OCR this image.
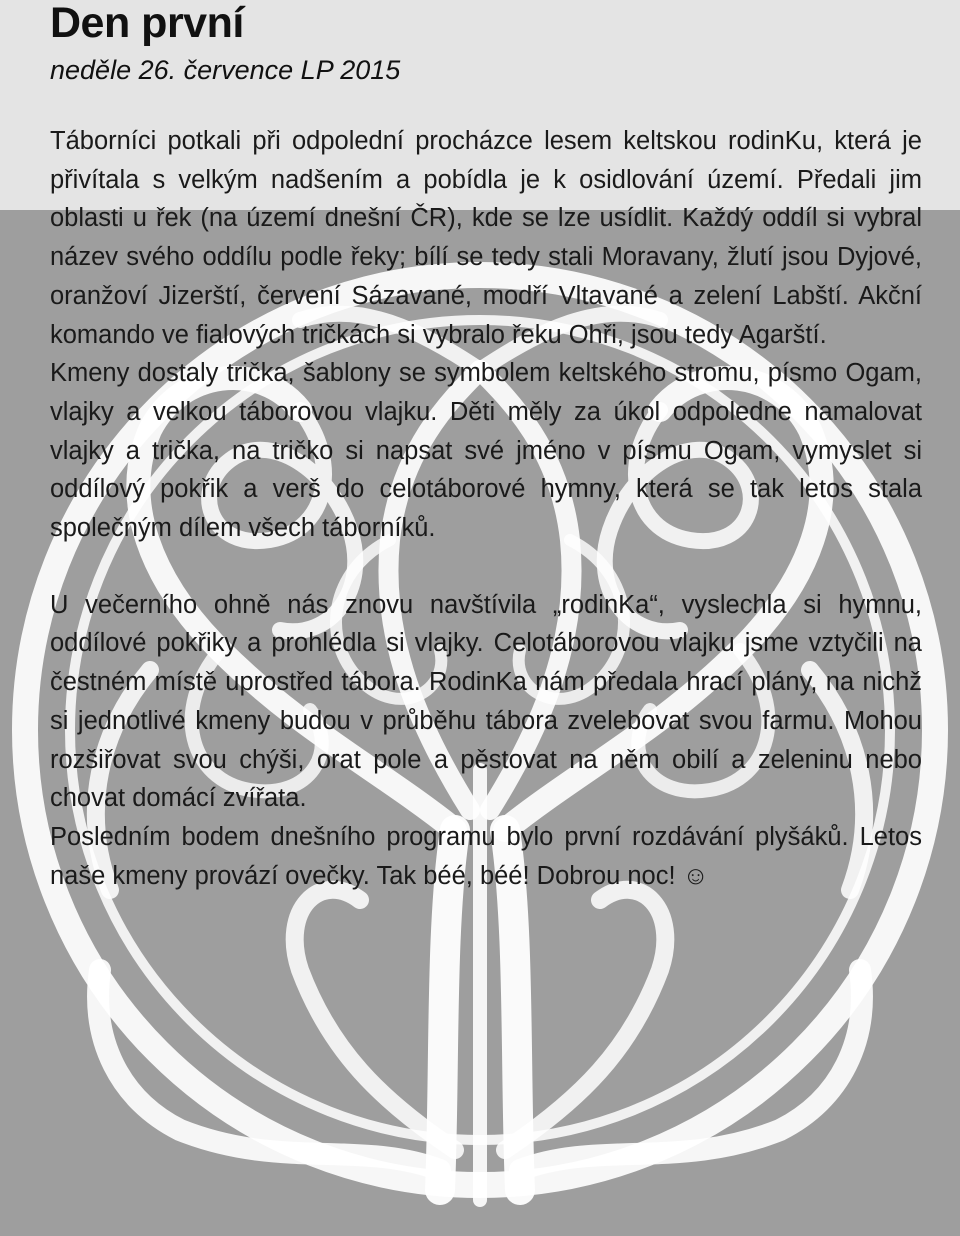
Den první

neděle 26. července LP 2015

Táborníci potkali při odpolední procházce lesem keltskou rodinKu, která je přivítala s velkým nadšením a pobídla je k osidlování území. Předali jim oblasti u řek (na území dnešní ČR), kde se lze usídlit. Každý oddíl si vybral název svého oddílu podle řeky; bílí se tedy stali Moravany, žlutí jsou Dyjové, oranžoví Jizerští, červení Sázavané, modří Vltavané a zelení Labští. Akční komando ve fialových tričkách si vybralo řeku Ohři, jsou tedy Agarští.

Kmeny dostaly trička, šablony se symbolem keltského stromu, písmo Ogam, vlajky a velkou táborovou vlajku. Děti měly za úkol odpoledne namalovat vlajky a trička, na tričko si napsat své jméno v písmu Ogam, vymyslet si oddílový pokřik a verš do celotáborové hymny, která se tak letos stala společným dílem všech táborníků.

U večerního ohně nás znovu navštívila „rodinKa“, vyslechla si hymnu, oddílové pokřiky a prohlédla si vlajky. Celotáborovou vlajku jsme vztyčili na čestném místě uprostřed tábora. RodinKa nám předala hrací plány, na nichž si jednotlivé kmeny budou v průběhu tábora zvelebovat svou farmu. Mohou rozšiřovat svou chýši, orat pole a pěstovat na něm obilí a zeleninu nebo chovat domácí zvířata.

Posledním bodem dnešního programu bylo první rozdávání plyšáků. Letos naše kmeny provází ovečky. Tak béé, béé! Dobrou noc! ☺
